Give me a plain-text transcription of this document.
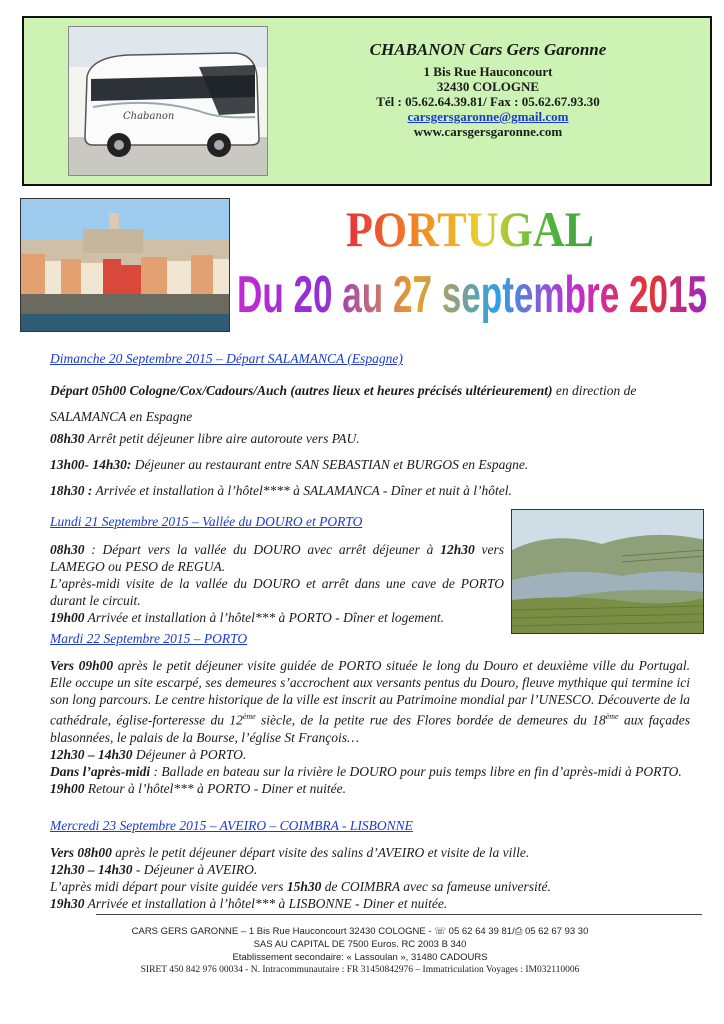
Chabanon
CHABANON Cars Gers Garonne
1 Bis Rue Hauconcourt
32430 COLOGNE
Tél : 05.62.64.39.81/ Fax : 05.62.67.93.30
carsgersgaronne@gmail.com
www.carsgersgaronne.com
PORTUGAL
Du 20 au 27 septembre 2015
Dimanche 20 Septembre 2015 – Départ SALAMANCA (Espagne)
Départ 05h00 Cologne/Cox/Cadours/Auch (autres lieux et heures précisés ultérieurement) en direction de SALAMANCA en Espagne
08h30 Arrêt petit déjeuner libre aire autoroute vers PAU.
13h00- 14h30: Déjeuner au restaurant entre SAN SEBASTIAN et BURGOS en Espagne.
18h30 : Arrivée et installation à l’hôtel**** à SALAMANCA - Dîner et nuit à l’hôtel.
Lundi 21 Septembre 2015 – Vallée du DOURO et PORTO
08h30 : Départ vers la vallée du DOURO avec arrêt déjeuner à 12h30 vers LAMEGO ou PESO de REGUA.
L’après-midi visite de la vallée du DOURO et arrêt dans une cave de PORTO durant le circuit.
19h00 Arrivée et installation à l’hôtel*** à PORTO - Dîner et logement.
Mardi 22 Septembre 2015 – PORTO
Vers 09h00 après le petit déjeuner visite guidée de PORTO située le long du Douro et deuxième ville du Portugal. Elle occupe un site escarpé, ses demeures s’accrochent aux versants pentus du Douro, fleuve mythique qui termine ici son long parcours. Le centre historique de la ville est inscrit au Patrimoine mondial par l’UNESCO. Découverte de la cathédrale, église-forteresse du 12ème siècle, de la petite rue des Flores bordée de demeures du 18ème aux façades blasonnées, le palais de la Bourse, l’église St François…
12h30 – 14h30 Déjeuner à PORTO.
Dans l’après-midi : Ballade en bateau sur la rivière le DOURO pour puis temps libre en fin d’après-midi à PORTO.
19h00 Retour à l’hôtel*** à PORTO - Diner et nuitée.
Mercredi 23 Septembre 2015 – AVEIRO – COIMBRA - LISBONNE
Vers 08h00 après le petit déjeuner départ visite des salins d’AVEIRO et visite de la ville.
12h30 – 14h30 - Déjeuner à AVEIRO.
L’après midi départ pour visite guidée vers 15h30 de COIMBRA avec sa fameuse université.
19h30 Arrivée et installation à l’hôtel*** à LISBONNE - Diner et nuitée.
CARS GERS GARONNE – 1 Bis Rue Hauconcourt 32430 COLOGNE - ☏ 05 62 64 39 81/⎙ 05 62 67 93 30
SAS AU CAPITAL DE 7500 Euros. RC 2003 B 340
Etablissement secondaire: « Lassoulan », 31480 CADOURS
SIRET 450 842 976 00034 - N. Intracommunautaire : FR 31450842976 – Immatriculation Voyages : IM032110006
